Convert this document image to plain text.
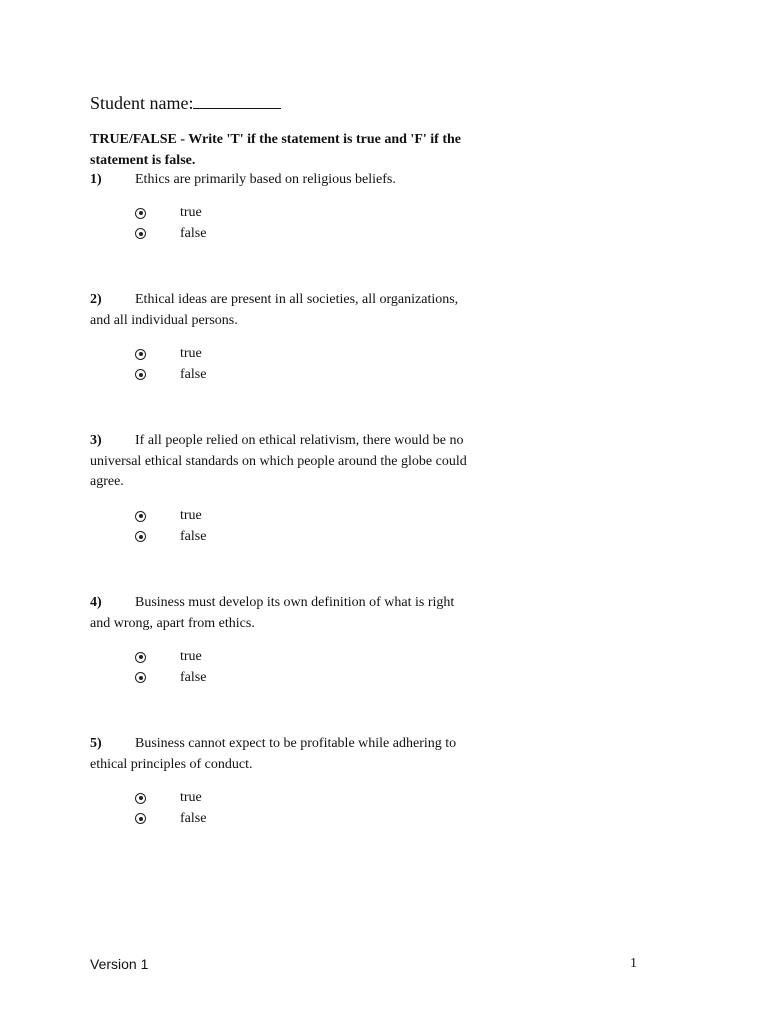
Student name:
TRUE/FALSE - Write 'T' if the statement is true and 'F' if the statement is false.
1) Ethics are primarily based on religious beliefs.
true
false
2) Ethical ideas are present in all societies, all organizations, and all individual persons.
true
false
3) If all people relied on ethical relativism, there would be no universal ethical standards on which people around the globe could agree.
true
false
4) Business must develop its own definition of what is right and wrong, apart from ethics.
true
false
5) Business cannot expect to be profitable while adhering to ethical principles of conduct.
true
false
Version 1	1
